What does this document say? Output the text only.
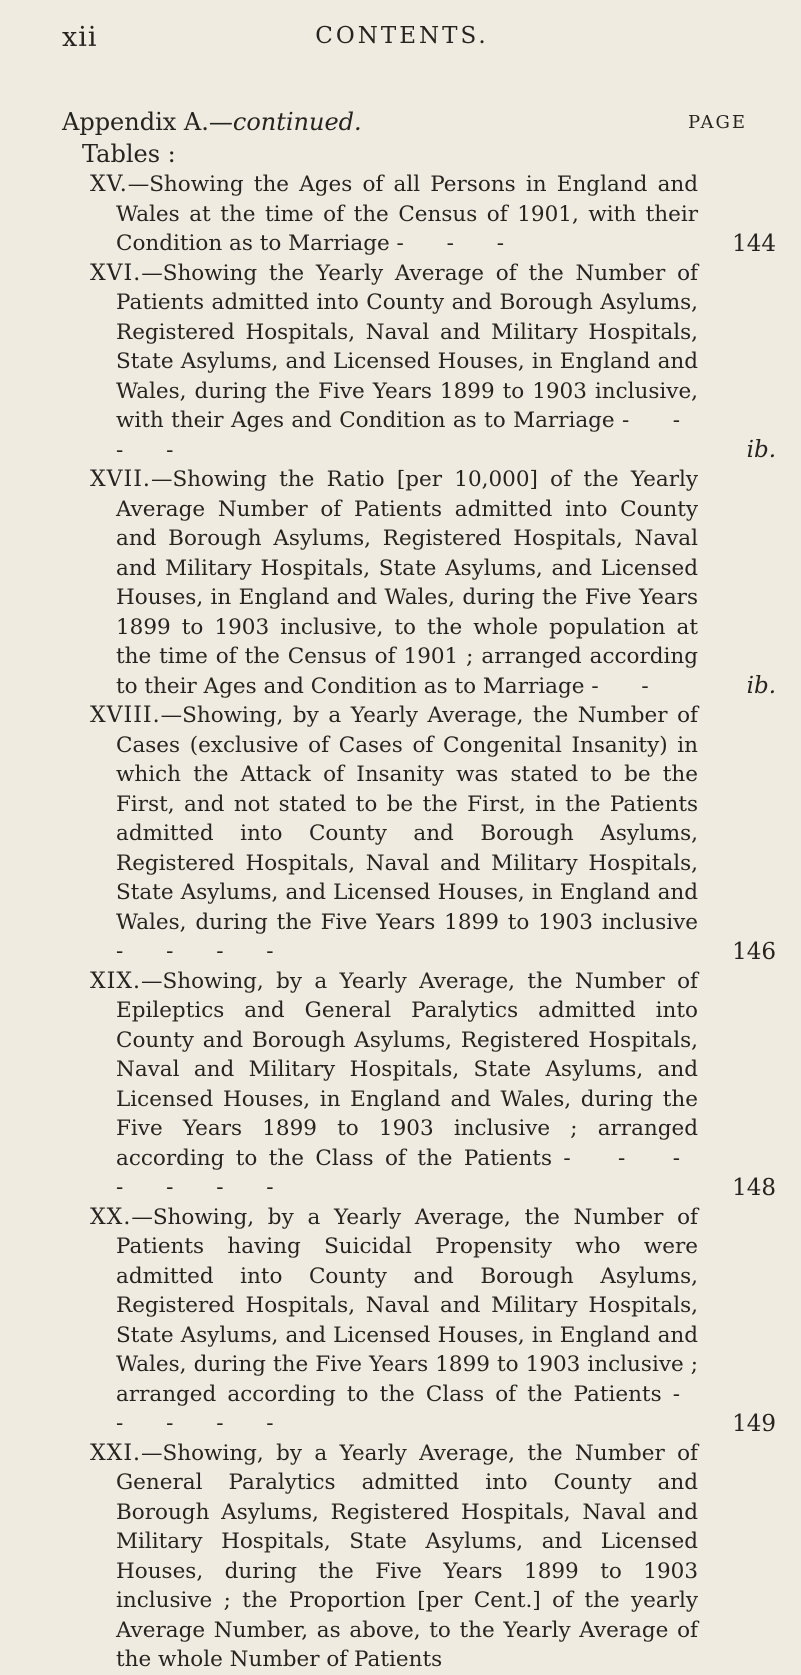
xii	CONTENTS.
Appendix A.—continued.	PAGE
Tables :

XV.—Showing the Ages of all Persons in England and Wales at the time of the Census of 1901, with their Condition as to Marriage - - -	144

XVI.—Showing the Yearly Average of the Number of Patients admitted into County and Borough Asylums, Registered Hospitals, Naval and Military Hospitals, State Asylums, and Licensed Houses, in England and Wales, during the Five Years 1899 to 1903 inclusive, with their Ages and Condition as to Marriage - - - -	ib.

XVII.—Showing the Ratio [per 10,000] of the Yearly Average Number of Patients admitted into County and Borough Asylums, Registered Hospitals, Naval and Military Hospitals, State Asylums, and Licensed Houses, in England and Wales, during the Five Years 1899 to 1903 inclusive, to the whole population at the time of the Census of 1901 ; arranged according to their Ages and Condition as to Marriage - -	ib.

XVIII.—Showing, by a Yearly Average, the Number of Cases (exclusive of Cases of Congenital Insanity) in which the Attack of Insanity was stated to be the First, and not stated to be the First, in the Patients admitted into County and Borough Asylums, Registered Hospitals, Naval and Military Hospitals, State Asylums, and Licensed Houses, in England and Wales, during the Five Years 1899 to 1903 inclusive - - - -	146

XIX.—Showing, by a Yearly Average, the Number of Epileptics and General Paralytics admitted into County and Borough Asylums, Registered Hospitals, Naval and Military Hospitals, State Asylums, and Licensed Houses, in England and Wales, during the Five Years 1899 to 1903 inclusive ; arranged according to the Class of the Patients - - - - - - -	148

XX.—Showing, by a Yearly Average, the Number of Patients having Suicidal Propensity who were admitted into County and Borough Asylums, Registered Hospitals, Naval and Military Hospitals, State Asylums, and Licensed Houses, in England and Wales, during the Five Years 1899 to 1903 inclusive ; arranged according to the Class of the Patients - - - - -	149

XXI.—Showing, by a Yearly Average, the Number of General Paralytics admitted into County and Borough Asylums, Registered Hospitals, Naval and Military Hospitals, State Asylums, and Licensed Houses, during the Five Years 1899 to 1903 inclusive ; the Proportion [per Cent.] of the yearly Average Number, as above, to the Yearly Average of the whole Number of Patients
